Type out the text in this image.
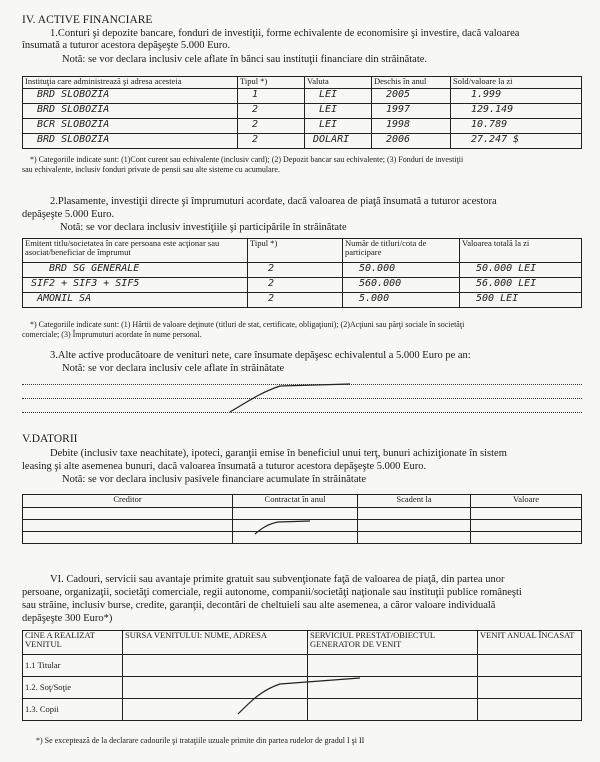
IV. ACTIVE FINANCIARE
1.Conturi şi depozite bancare, fonduri de investiţii, forme echivalente de economisire şi investire, dacă valoarea
însumată a tuturor acestora depăşeşte 5.000 Euro.
Notă: se vor declara inclusiv cele aflate în bănci sau instituţii financiare din străinătate.
Instituţia care administrează şi adresa acesteia	Tipul *)	Valuta	Deschis în anul	Sold/valoare la zi
BRD SLOBOZIA	1	LEI	2005	1.999
BRD SLOBOZIA	2	LEI	1997	129.149
BCR SLOBOZIA	2	LEI	1998	10.789
BRD SLOBOZIA	2	DOLARI	2006	27.247 $
*) Categoriile indicate sunt: (1)Cont curent sau echivalente (inclusiv card); (2) Depozit bancar sau echivalente; (3) Fonduri de investiţii
sau echivalente, inclusiv fonduri private de pensii sau alte sisteme cu acumulare.
2.Plasamente, investiţii directe şi împrumuturi acordate, dacă valoarea de piaţă însumată a tuturor acestora
depăşeşte 5.000 Euro.
Notă: se vor declara inclusiv investiţiile şi participările în străinătate
Emitent titlu/societatea în care persoana este acţionar sau asociat/beneficiar de împrumut	Tipul *)	Număr de titluri/cota de participare	Valoarea totală la zi
BRD SG GENERALE	2	50.000	50.000 LEI
SIF2 + SIF3 + SIF5	2	560.000	56.000 LEI
AMONIL SA	2	5.000	500 LEI
*) Categoriile indicate sunt: (1) Hârtii de valoare deţinute (titluri de stat, certificate, obligaţiuni); (2)Acţiuni sau părţi sociale în societăţi
comerciale; (3) Împrumuturi acordate în nume personal.
3.Alte active producătoare de venituri nete, care însumate depăşesc echivalentul a 5.000 Euro pe an:
Notă: se vor declara inclusiv cele aflate în străinătate
V.DATORII
Debite (inclusiv taxe neachitate), ipoteci, garanţii emise în beneficiul unui terţ, bunuri achiziţionate în sistem
leasing şi alte asemenea bunuri, dacă valoarea însumată a tuturor acestora depăşeşte 5.000 Euro.
Notă: se vor declara inclusiv pasivele financiare acumulate în străinătate
Creditor	Contractat în anul	Scadent la	Valoare

VI. Cadouri, servicii sau avantaje primite gratuit sau subvenţionate faţă de valoarea de piaţă, din partea unor
persoane, organizaţii, societăţi comerciale, regii autonome, companii/societăţi naţionale sau instituţii publice româneşti
sau străine, inclusiv burse, credite, garanţii, decontări de cheltuieli sau alte asemenea, a căror valoare individuală
depăşeşte 300 Euro*)
CINE A REALIZAT VENITUL	SURSA VENITULUI: NUME, ADRESA	SERVICIUL PRESTAT/OBIECTUL GENERATOR DE VENIT	VENIT ANUAL ÎNCASAT
1.1 Titular			
1.2. Soţ/Soţie			
1.3. Copii			
*) Se exceptează de la declarare cadourile şi trataţiile uzuale primite din partea rudelor de gradul I şi II
